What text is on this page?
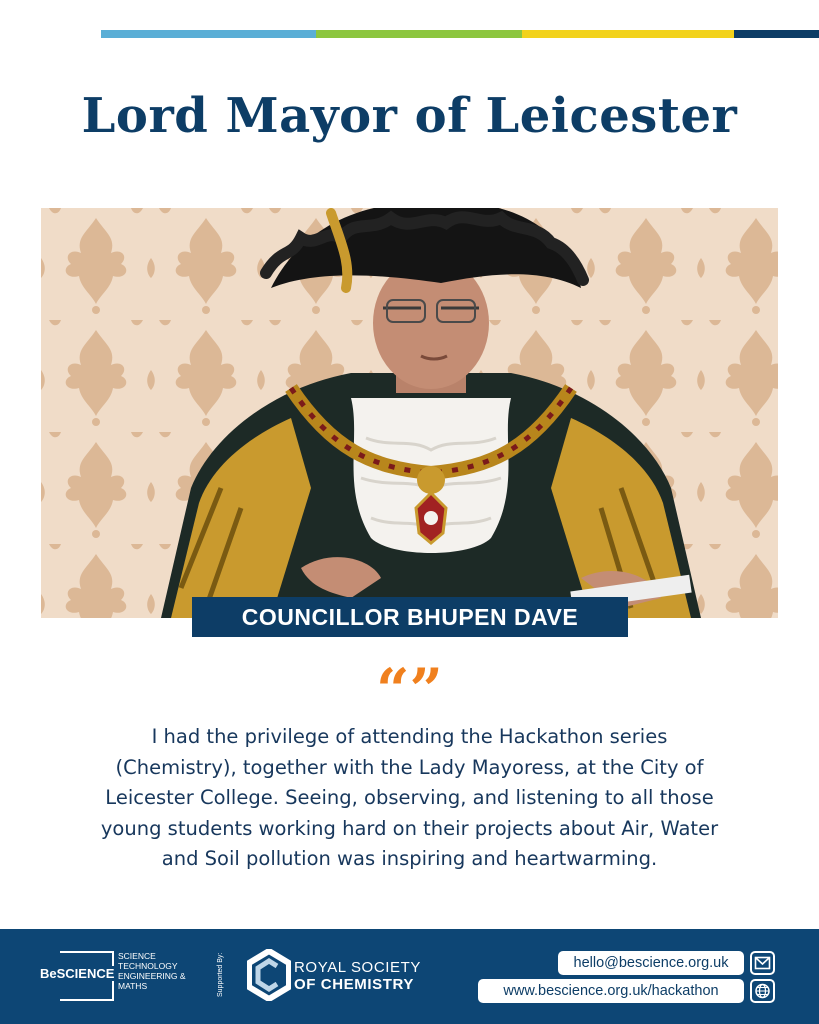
Lord Mayor of Leicester
COUNCILLOR BHUPEN DAVE
“”

I had the privilege of attending the Hackathon series (Chemistry), together with the Lady Mayoress, at the City of Leicester College. Seeing, observing, and listening to all those young students working hard on their projects about Air, Water and Soil pollution was inspiring and heartwarming.

BeSCIENCE
SCIENCE
TECHNOLOGY
ENGINEERING &
MATHS	Supported By:	ROYAL SOCIETY
OF CHEMISTRY
hello@bescience.org.uk
www.bescience.org.uk/hackathon
